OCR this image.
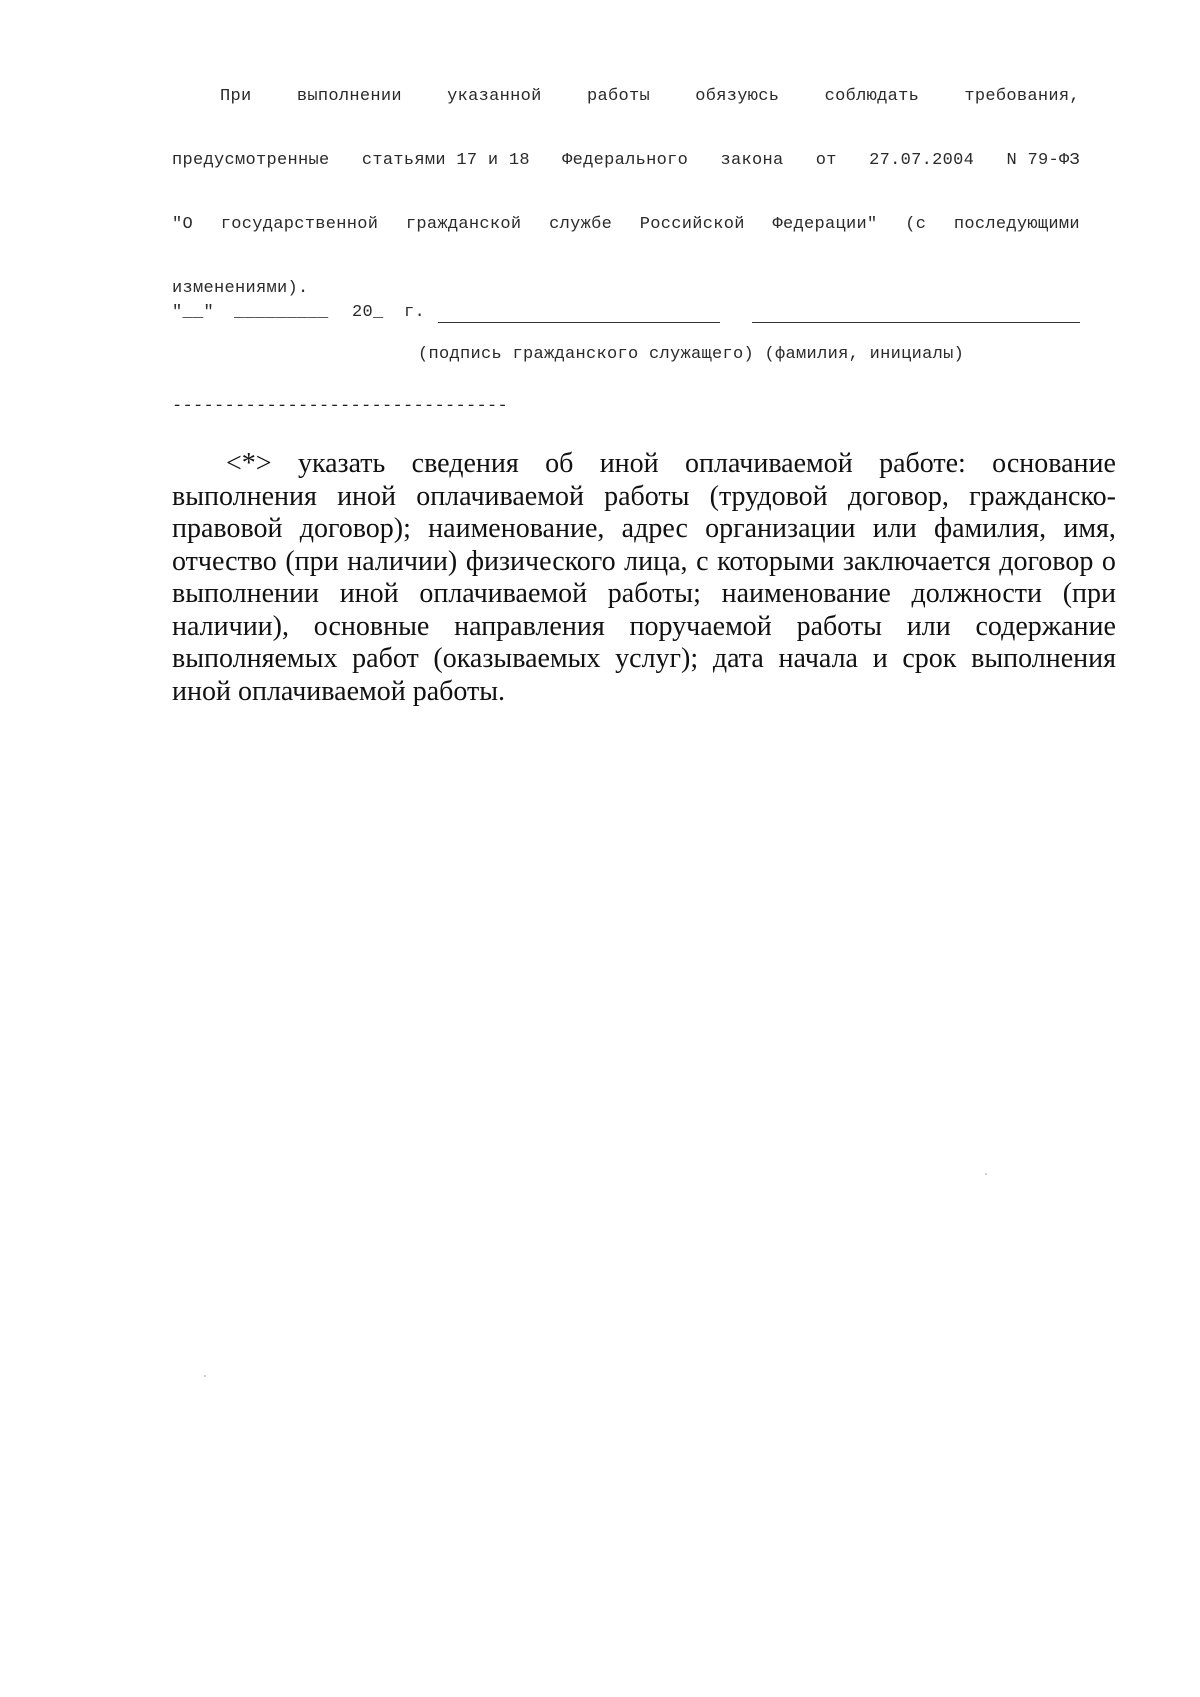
При	выполнении	указанной	работы	обязуюсь	соблюдать	требования,
предусмотренные статьями 17 и 18 Федерального закона от 27.07.2004 N 79-ФЗ
"О государственной гражданской службе Российской Федерации" (с последующими
изменениями).
"__" _________ 20_ г.
(подпись гражданского служащего) (фамилия, инициалы)
--------------------------------
<*> указать сведения об иной оплачиваемой работе: основание
выполнения иной оплачиваемой работы (трудовой договор, гражданско-
правовой договор); наименование, адрес организации или фамилия, имя,
отчество (при наличии) физического лица, с которыми заключается договор о
выполнении иной оплачиваемой работы; наименование должности (при
наличии), основные направления поручаемой работы или содержание
выполняемых работ (оказываемых услуг); дата начала и срок выполнения
иной оплачиваемой работы.
